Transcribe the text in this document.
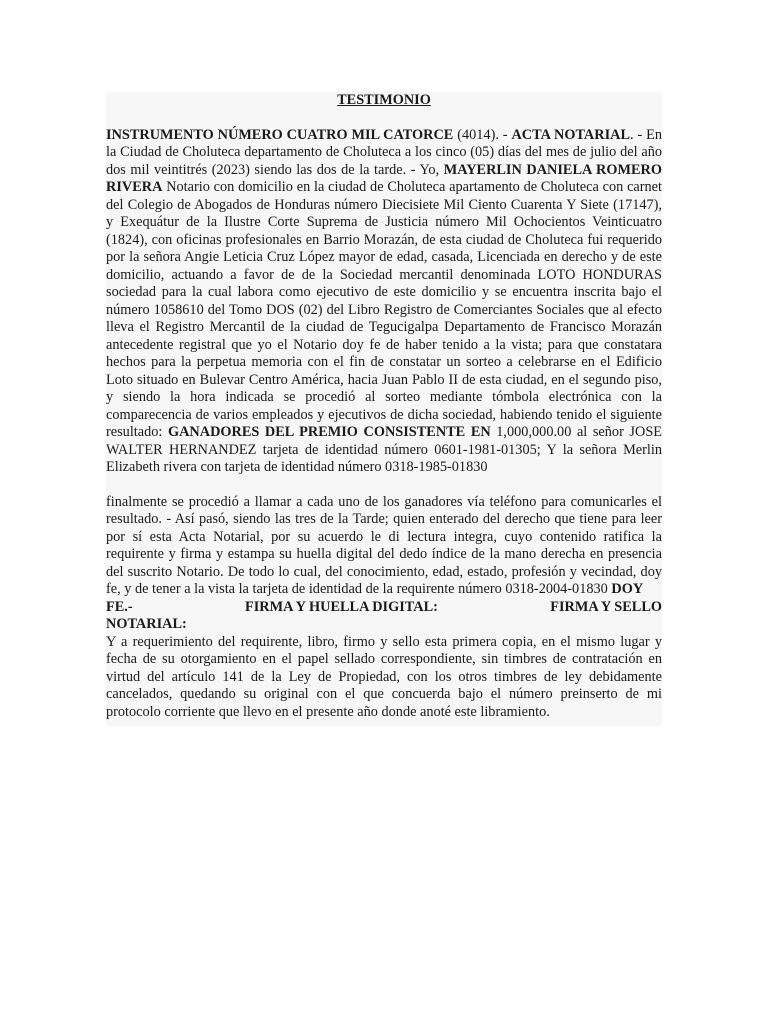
TESTIMONIO

INSTRUMENTO NÚMERO CUATRO MIL CATORCE (4014). - ACTA NOTARIAL. - En la Ciudad de Choluteca departamento de Choluteca a los cinco (05) días del mes de julio del año dos mil veintitrés (2023) siendo las dos de la tarde. - Yo, MAYERLIN DANIELA ROMERO RIVERA Notario con domicilio en la ciudad de Choluteca apartamento de Choluteca con carnet del Colegio de Abogados de Honduras número Diecisiete Mil Ciento Cuarenta Y Siete (17147), y Exequátur de la Ilustre Corte Suprema de Justicia número Mil Ochocientos Veinticuatro (1824), con oficinas profesionales en Barrio Morazán, de esta ciudad de Choluteca fui requerido por la señora Angie Leticia Cruz López mayor de edad, casada, Licenciada en derecho y de este domicilio, actuando a favor de de la Sociedad mercantil denominada LOTO HONDURAS sociedad para la cual labora como ejecutivo de este domicilio y se encuentra inscrita bajo el número 1058610 del Tomo DOS (02) del Libro Registro de Comerciantes Sociales que al efecto lleva el Registro Mercantil de la ciudad de Tegucigalpa Departamento de Francisco Morazán antecedente registral que yo el Notario doy fe de haber tenido a la vista; para que constatara hechos para la perpetua memoria con el fin de constatar un sorteo a celebrarse en el Edificio Loto situado en Bulevar Centro América, hacia Juan Pablo II de esta ciudad, en el segundo piso, y siendo la hora indicada se procedió al sorteo mediante tómbola electrónica con la comparecencia de varios empleados y ejecutivos de dicha sociedad, habiendo tenido el siguiente resultado: GANADORES DEL PREMIO CONSISTENTE EN 1,000,000.00 al señor JOSE WALTER HERNANDEZ tarjeta de identidad número 0601-1981-01305; Y la señora Merlin Elizabeth rivera con tarjeta de identidad número 0318-1985-01830

finalmente se procedió a llamar a cada uno de los ganadores vía teléfono para comunicarles el resultado. - Así pasó, siendo las tres de la Tarde; quien enterado del derecho que tiene para leer por sí esta Acta Notarial, por su acuerdo le di lectura integra, cuyo contenido ratifica la requirente y firma y estampa su huella digital del dedo índice de la mano derecha en presencia del suscrito Notario. De todo lo cual, del conocimiento, edad, estado, profesión y vecindad, doy fe, y de tener a la vista la tarjeta de identidad de la requirente número 0318-2004-01830 DOY

FE.-	FIRMA Y HUELLA DIGITAL:	FIRMA Y SELLO

NOTARIAL:

Y a requerimiento del requirente, libro, firmo y sello esta primera copia, en el mismo lugar y fecha de su otorgamiento en el papel sellado correspondiente, sin timbres de contratación en virtud del artículo 141 de la Ley de Propiedad, con los otros timbres de ley debidamente cancelados, quedando su original con el que concuerda bajo el número preinserto de mi protocolo corriente que llevo en el presente año donde anoté este libramiento.
